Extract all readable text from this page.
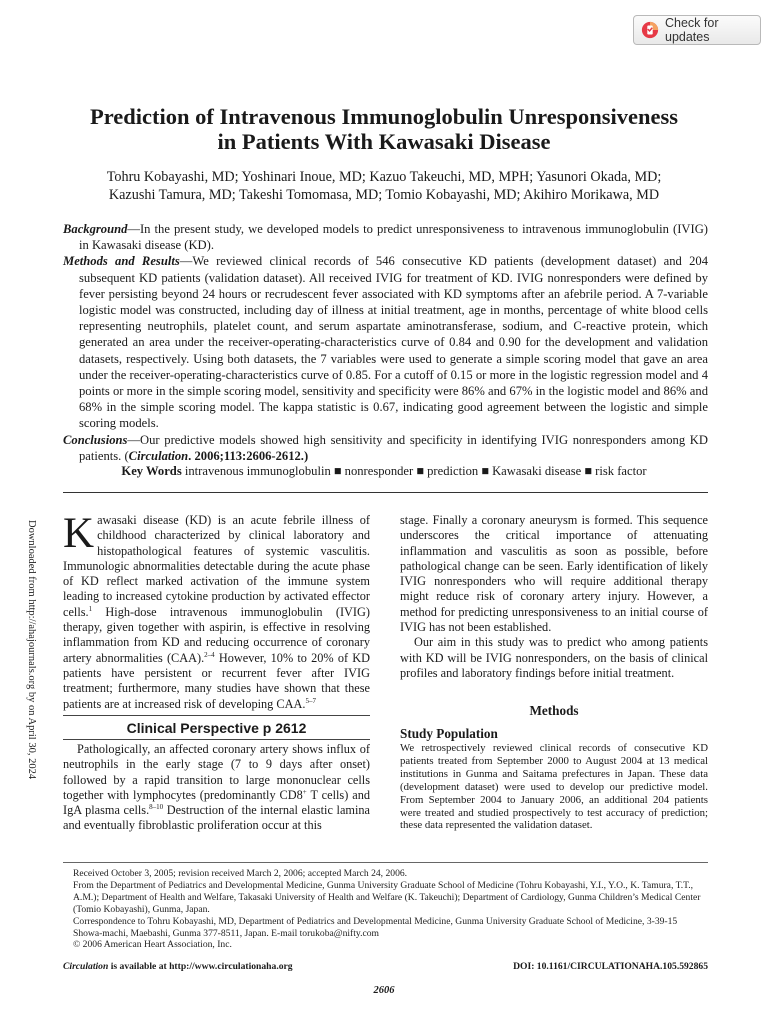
Check for updates
Prediction of Intravenous Immunoglobulin Unresponsiveness
in Patients With Kawasaki Disease
Tohru Kobayashi, MD; Yoshinari Inoue, MD; Kazuo Takeuchi, MD, MPH; Yasunori Okada, MD;
Kazushi Tamura, MD; Takeshi Tomomasa, MD; Tomio Kobayashi, MD; Akihiro Morikawa, MD

Background—In the present study, we developed models to predict unresponsiveness to intravenous immunoglobulin (IVIG) in Kawasaki disease (KD).

Methods and Results—We reviewed clinical records of 546 consecutive KD patients (development dataset) and 204 subsequent KD patients (validation dataset). All received IVIG for treatment of KD. IVIG nonresponders were defined by fever persisting beyond 24 hours or recrudescent fever associated with KD symptoms after an afebrile period. A 7-variable logistic model was constructed, including day of illness at initial treatment, age in months, percentage of white blood cells representing neutrophils, platelet count, and serum aspartate aminotransferase, sodium, and C-reactive protein, which generated an area under the receiver-operating-characteristics curve of 0.84 and 0.90 for the development and validation datasets, respectively. Using both datasets, the 7 variables were used to generate a simple scoring model that gave an area under the receiver-operating-characteristics curve of 0.85. For a cutoff of 0.15 or more in the logistic regression model and 4 points or more in the simple scoring model, sensitivity and specificity were 86% and 67% in the logistic model and 86% and 68% in the simple scoring model. The kappa statistic is 0.67, indicating good agreement between the logistic and simple scoring models.

Conclusions—Our predictive models showed high sensitivity and specificity in identifying IVIG nonresponders among KD patients. (Circulation. 2006;113:2606-2612.)

Key Words intravenous immunoglobulin ■ nonresponder ■ prediction ■ Kawasaki disease ■ risk factor
Downloaded from http://ahajournals.org by on April 30, 2024 Kawasaki disease (KD) is an acute febrile illness of childhood characterized by clinical laboratory and histopathological features of systemic vasculitis. Immunologic abnormalities detectable during the acute phase of KD reflect marked activation of the immune system leading to increased cytokine production by activated effector cells.$^1$ High-dose intravenous immunoglobulin (IVIG) therapy, given together with aspirin, is effective in resolving inflammation from KD and reducing occurrence of coronary artery abnormalities (CAA).$^{2-4}$ However, 10% to 20% of KD patients have persistent or recurrent fever after IVIG treatment; furthermore, many studies have shown that these patients are at increased risk of developing CAA.$^{5-7}$

Clinical Perspective p 2612

Pathologically, an affected coronary artery shows influx of neutrophils in the early stage (7 to 9 days after onset) followed by a rapid transition to large mononuclear cells together with lymphocytes (predominantly CD8+ T cells) and IgA plasma cells.$^{8-10}$ Destruction of the internal elastic lamina and eventually fibroblastic proliferation occur at this

stage. Finally a coronary aneurysm is formed. This sequence underscores the critical importance of attenuating inflammation and vasculitis as soon as possible, before pathological change can be seen. Early identification of likely IVIG nonresponders who will require additional therapy might reduce risk of coronary artery injury. However, a method for predicting unresponsiveness to an initial course of IVIG has not been established.

Our aim in this study was to predict who among patients with KD will be IVIG nonresponders, on the basis of clinical profiles and laboratory findings before initial treatment.

Methods
Study Population
We retrospectively reviewed clinical records of consecutive KD patients treated from September 2000 to August 2004 at 13 medical institutions in Gunma and Saitama prefectures in Japan. These data (development dataset) were used to develop our predictive model. From September 2004 to January 2006, an additional 204 patients were treated and studied prospectively to test accuracy of prediction; these data represented the validation dataset.

Received October 3, 2005; revision received March 2, 2006; accepted March 24, 2006.

From the Department of Pediatrics and Developmental Medicine, Gunma University Graduate School of Medicine (Tohru Kobayashi, Y.I., Y.O., K. Tamura, T.T., A.M.); Department of Health and Welfare, Takasaki University of Health and Welfare (K. Takeuchi); Department of Cardiology, Gunma Children’s Medical Center (Tomio Kobayashi), Gunma, Japan.

Correspondence to Tohru Kobayashi, MD, Department of Pediatrics and Developmental Medicine, Gunma University Graduate School of Medicine, 3-39-15 Showa-machi, Maebashi, Gunma 377-8511, Japan. E-mail torukoba@nifty.com

© 2006 American Heart Association, Inc.

Circulation is available at http://www.circulationaha.org	DOI: 10.1161/CIRCULATIONAHA.105.592865
2606
